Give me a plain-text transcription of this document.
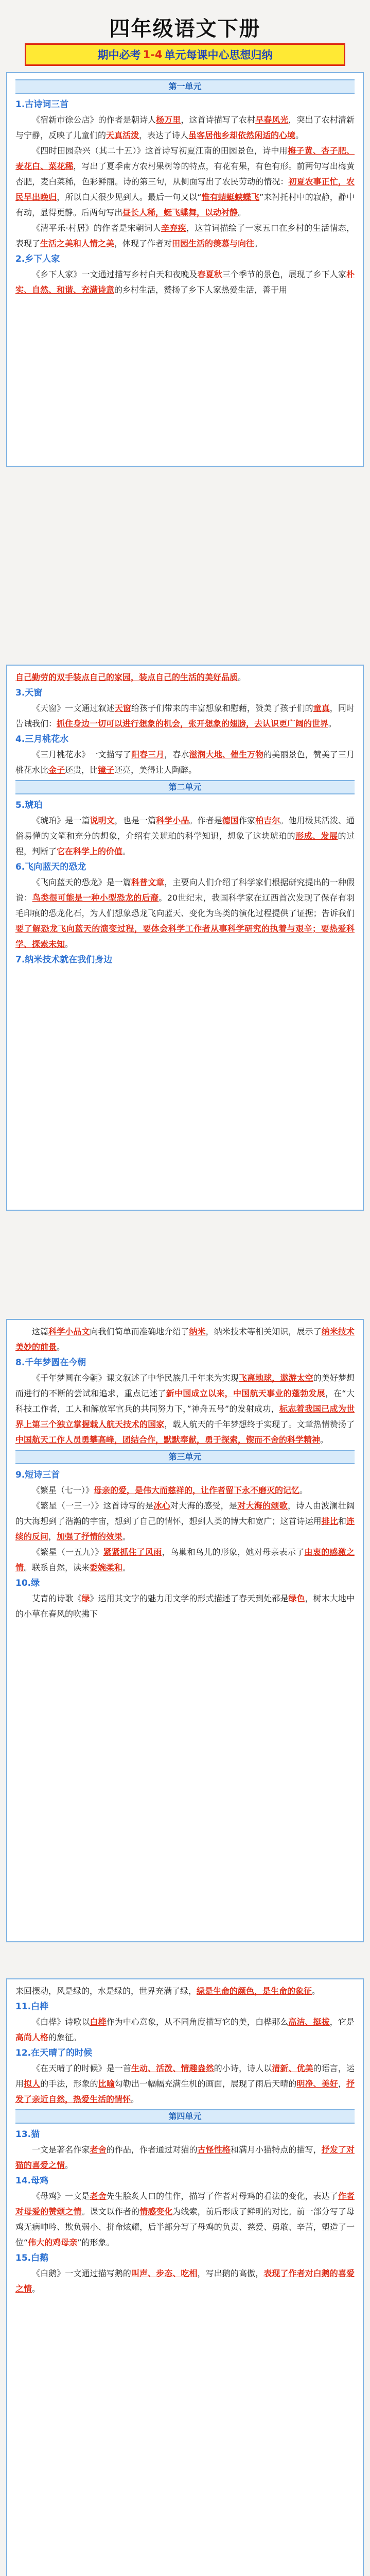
四年级语文下册
期中必考 1-4 单元每课中心思想归纳
第一单元
1.古诗词三首

《宿新市徐公店》的作者是朝诗人杨万里，这首诗描写了农村早春风光，突出了农村清新与宁静，反映了儿童们的天真活泼，表达了诗人虽客居他乡却依然闲适的心境。

《四时田园杂兴（其二十五）》这首诗写初夏江南的田园景色，诗中用梅子黄、杏子肥、麦花白、菜花稀，写出了夏季南方农村果树等的特点，有花有果，有色有形。前两句写出梅黄杏肥，麦白菜稀，色彩鲜丽。诗的第三句，从侧面写出了农民劳动的情况：初夏农事正忙，农民早出晚归，所以白天很少见到人。最后一句又以“惟有蜻蜓蛱蝶飞”来衬托村中的寂静，静中有动，显得更静。后两句写出昼长人稀，蜓飞蝶舞，以动衬静。

《清平乐·村居》的作者是宋朝词人辛弃疾，这首词描绘了一家五口在乡村的生活情态，表现了生活之美和人情之美，体现了作者对田园生活的羡慕与向往。

2.乡下人家

《乡下人家》一文通过描写乡村白天和夜晚及春夏秋三个季节的景色，展现了乡下人家朴实、自然、和谐、充满诗意的乡村生活，赞扬了乡下人家热爱生活，善于用

自己勤劳的双手装点自己的家园，装点自己的生活的美好品质。

3.天窗

《天窗》一文通过叙述天窗给孩子们带来的丰富想象和慰藉，赞美了孩子们的童真，同时告诫我们：抓住身边一切可以进行想象的机会，张开想象的翅膀，去认识更广阔的世界。

4.三月桃花水

《三月桃花水》一文描写了阳春三月，春水滋润大地、催生万物的美丽景色，赞美了三月桃花水比金子还贵，比镜子还亮，美得让人陶醉。

第二单元
5.琥珀

《琥珀》是一篇说明文，也是一篇科学小品。作者是德国作家柏吉尔。他用极其活泼、通俗易懂的文笔和充分的想象，介绍有关琥珀的科学知识，想象了这块琥珀的形成、发展的过程，判断了它在科学上的价值。

6.飞向蓝天的恐龙

《飞向蓝天的恐龙》是一篇科普文章，主要向人们介绍了科学家们根据研究提出的一种假说：鸟类很可能是一种小型恐龙的后裔。20世纪末，我国科学家在辽西首次发现了保存有羽毛印痕的恐龙化石，为人们想象恐龙飞向蓝天、变化为鸟类的演化过程提供了证据；告诉我们要了解恐龙飞向蓝天的演变过程，要体会科学工作者从事科学研究的执着与艰辛；要热爱科学、探索未知。

7.纳米技术就在我们身边

这篇科学小品文向我们简单而准确地介绍了纳米，纳米技术等相关知识，展示了纳米技术美妙的前景。

8.千年梦圆在今朝

《千年梦圆在今朝》课文叙述了中华民族几千年来为实现飞离地球，遨游太空的美好梦想而进行的不断的尝试和追求，重点记述了新中国成立以来，中国航天事业的蓬勃发展，在“大科技工作者，工人和解放军官兵的共同努力下，”神舟五号”的发射成功，标志着我国已成为世界上第三个独立掌握载人航天技术的国家，载人航天的千年梦想终于实现了。文章热情赞扬了中国航天工作人员勇攀高峰，团结合作，默默奉献，勇于探索，锲而不舍的科学精神。

第三单元
9.短诗三首

《繁星（七一）》母亲的爱，是伟大而慈祥的，让作者留下永不磨灭的记忆。

《繁星（一三一）》这首诗写的是冰心对大海的感受，是对大海的颂歌，诗人由波澜壮阔的大海想到了浩瀚的宇宙，想到了自己的情怀，想到人类的博大和宽广；这首诗运用排比和连续的反问，加强了抒情的效果。

《繁星（一五九）》紧紧抓住了风雨，鸟巢和鸟儿的形象，她对母亲表示了由衷的感激之情。联系自然，读来委婉柔和。

10.绿

艾青的诗歌《绿》运用其文字的魅力用文学的形式描述了春天到处都是绿色，树木大地中的小草在春风的吹拂下

来回摆动，风是绿的，水是绿的，世界充满了绿，绿是生命的颜色，是生命的象征。

11.白桦

《白桦》诗歌以白桦作为中心意象，从不同角度描写它的美，白桦那么高洁、挺拔，它是高尚人格的象征。

12.在天晴了的时候

《在天晴了的时候》是一首生动、活泼、情趣盎然的小诗，诗人以清新、优美的语言，运用拟人的手法，形象的比喻勾勒出一幅幅充满生机的画面，展现了雨后天晴的明净、美好，抒发了亲近自然，热爱生活的情怀。

第四单元
13.猫

一文是著名作家老舍的作品，作者通过对猫的古怪性格和满月小猫特点的描写，抒发了对猫的喜爱之情。

14.母鸡

《母鸡》一文是老舍先生脍炙人口的佳作，描写了作者对母鸡的看法的变化，表达了作者对母爱的赞颂之情。课文以作者的情感变化为线索，前后形成了鲜明的对比。前一部分写了母鸡无病呻吟、欺负弱小、拼命炫耀，后半部分写了母鸡的负责、慈爱、勇敢、辛苦，塑造了一位“伟大的鸡母亲”的形象。

15.白鹅

《白鹅》一文通过描写鹅的叫声、步态、吃相，写出鹅的高傲，表现了作者对白鹅的喜爱之情。
